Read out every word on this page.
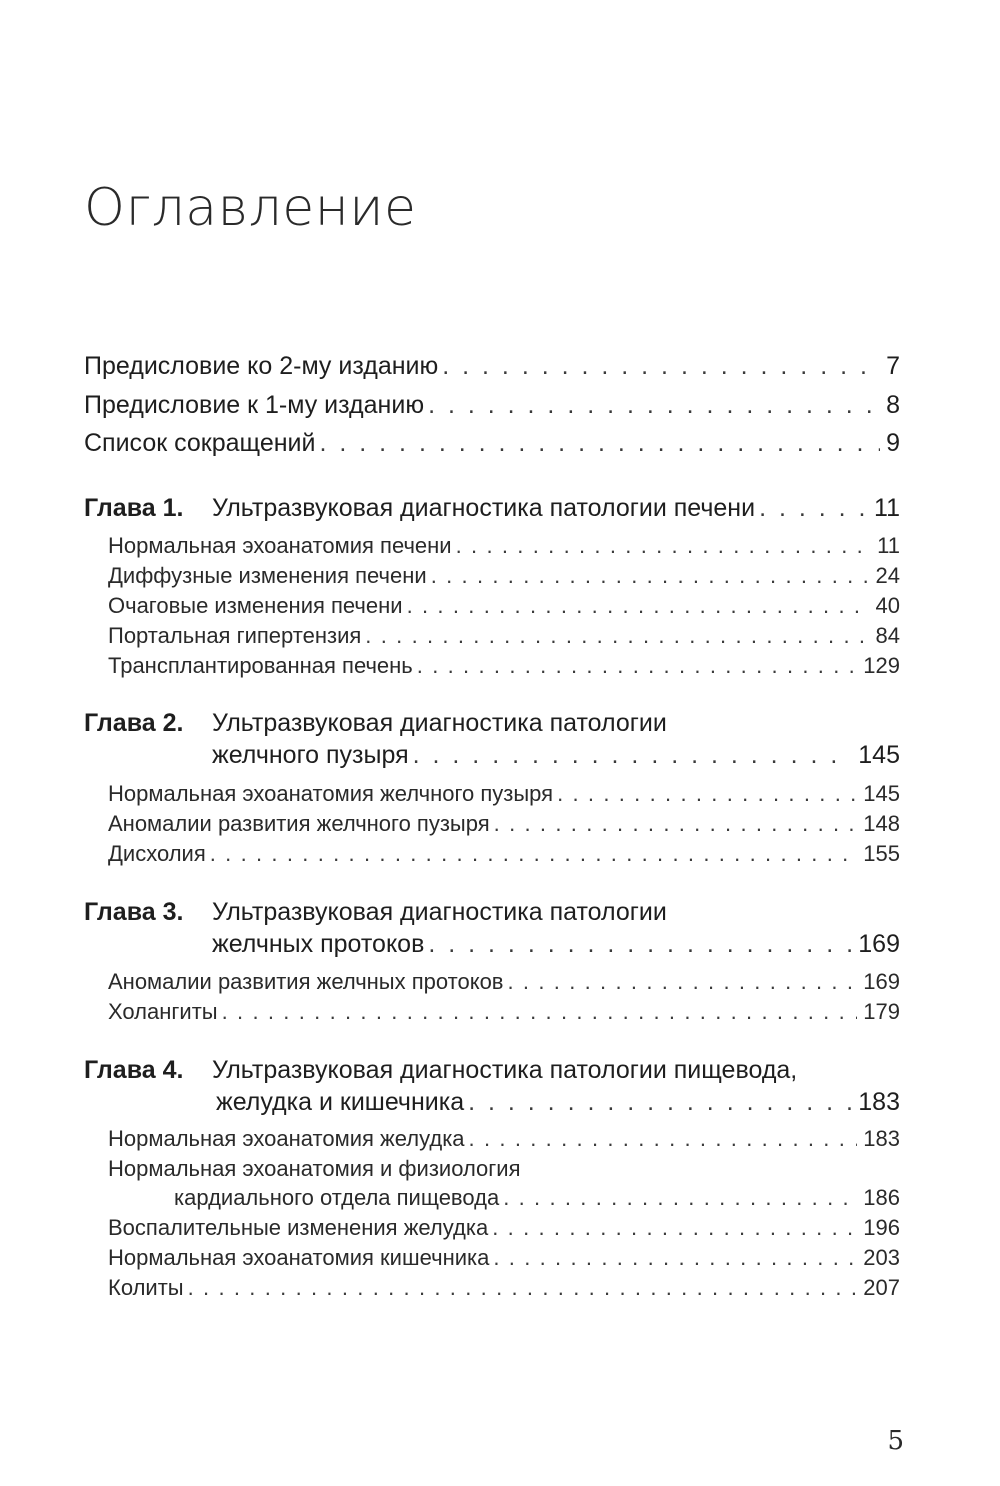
Оглавление
Предисловие ко 2-му изданию . . .	7
Предисловие к 1-му изданию . . .	8
Список сокращений . . .	9
Глава 1. Ультразвуковая диагностика патологии печени . . .	11
Нормальная эхоанатомия печени . . .	11
Диффузные изменения печени . . .	24
Очаговые изменения печени . . .	40
Портальная гипертензия . . .	84
Трансплантированная печень . . .	129
Глава 2. Ультразвуковая диагностика патологии
желчного пузыря . . .	145
Нормальная эхоанатомия желчного пузыря . . .	145
Аномалии развития желчного пузыря . . .	148
Дисхолия . . .	155
Глава 3. Ультразвуковая диагностика патологии
желчных протоков . . .	169
Аномалии развития желчных протоков . . .	169
Холангиты . . .	179
Глава 4. Ультразвуковая диагностика патологии пищевода,
желудка и кишечника . . .	183
Нормальная эхоанатомия желудка . . .	183
Нормальная эхоанатомия и физиология
кардиального отдела пищевода . . .	186
Воспалительные изменения желудка . . .	196
Нормальная эхоанатомия кишечника . . .	203
Колиты . . .	207
5
